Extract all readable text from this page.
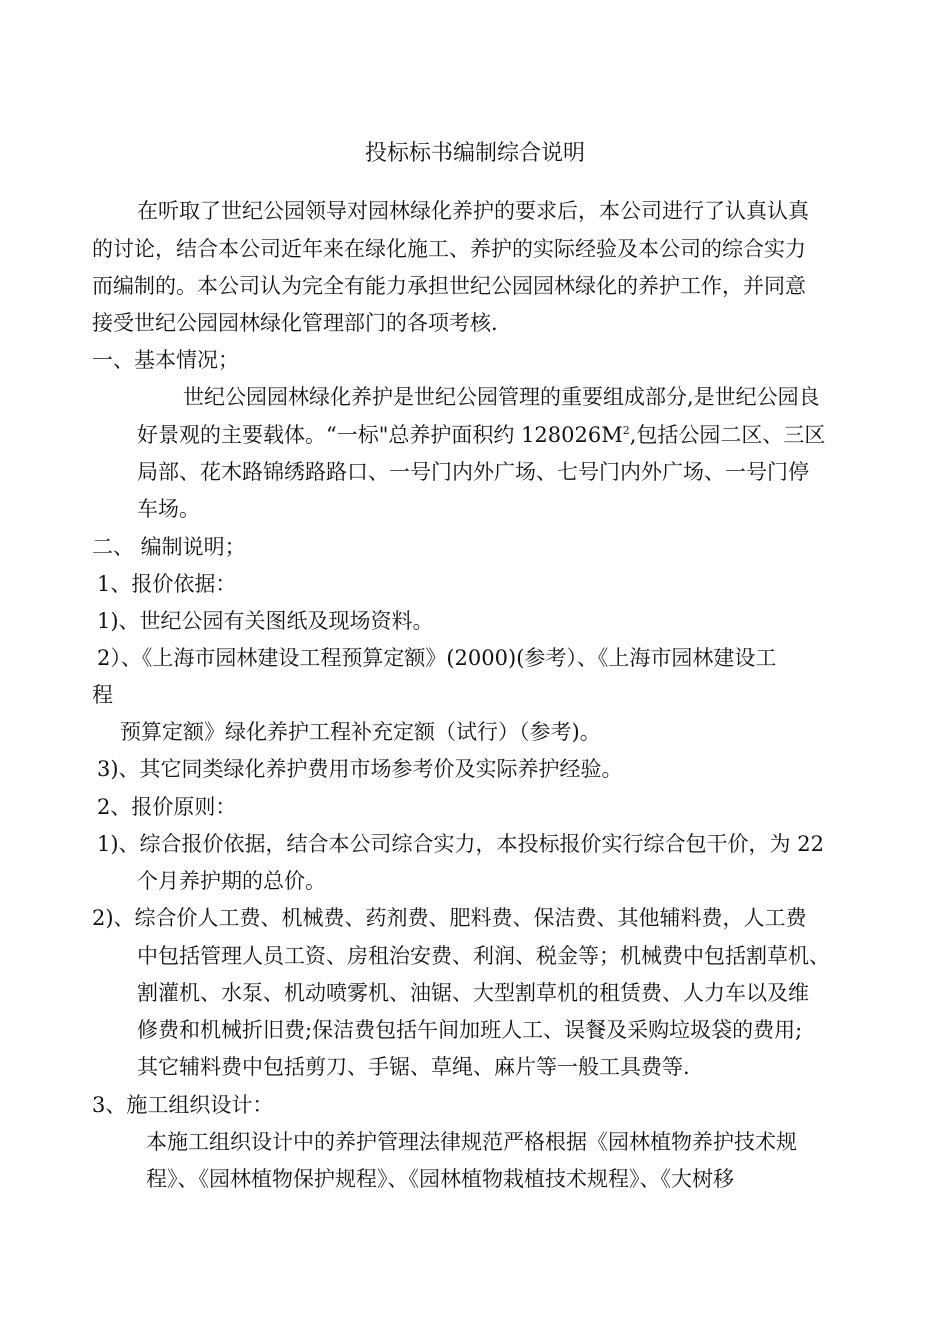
投标标书编制综合说明
在听取了世纪公园领导对园林绿化养护的要求后，本公司进行了认真认真
的讨论，结合本公司近年来在绿化施工、养护的实际经验及本公司的综合实力
而编制的。本公司认为完全有能力承担世纪公园园林绿化的养护工作，并同意
接受世纪公园园林绿化管理部门的各项考核.
一、基本情况；
世纪公园园林绿化养护是世纪公园管理的重要组成部分,是世纪公园良
好景观的主要载体。“一标"总养护面积约 $128026M^2$,包括公园二区、三区
局部、花木路锦绣路路口、一号门内外广场、七号门内外广场、一号门停
车场。
二、 编制说明；
1、报价依据：
1)、世纪公园有关图纸及现场资料。
2）、《上海市园林建设工程预算定额》(2000)(参考）、《上海市园林建设工
程
预算定额》绿化养护工程补充定额（试行）（参考)。
3)、其它同类绿化养护费用市场参考价及实际养护经验。
2、报价原则：
1)、综合报价依据，结合本公司综合实力，本投标报价实行综合包干价，为 22
个月养护期的总价。
2)、综合价人工费、机械费、药剂费、肥料费、保洁费、其他辅料费，人工费
中包括管理人员工资、房租治安费、利润、税金等；机械费中包括割草机、
割灌机、水泵、机动喷雾机、油锯、大型割草机的租赁费、人力车以及维
修费和机械折旧费;保洁费包括午间加班人工、误餐及采购垃圾袋的费用;
其它辅料费中包括剪刀、手锯、草绳、麻片等一般工具费等.
3、施工组织设计：
本施工组织设计中的养护管理法律规范严格根据《园林植物养护技术规
程》、《园林植物保护规程》、《园林植物栽植技术规程》、《大树移
